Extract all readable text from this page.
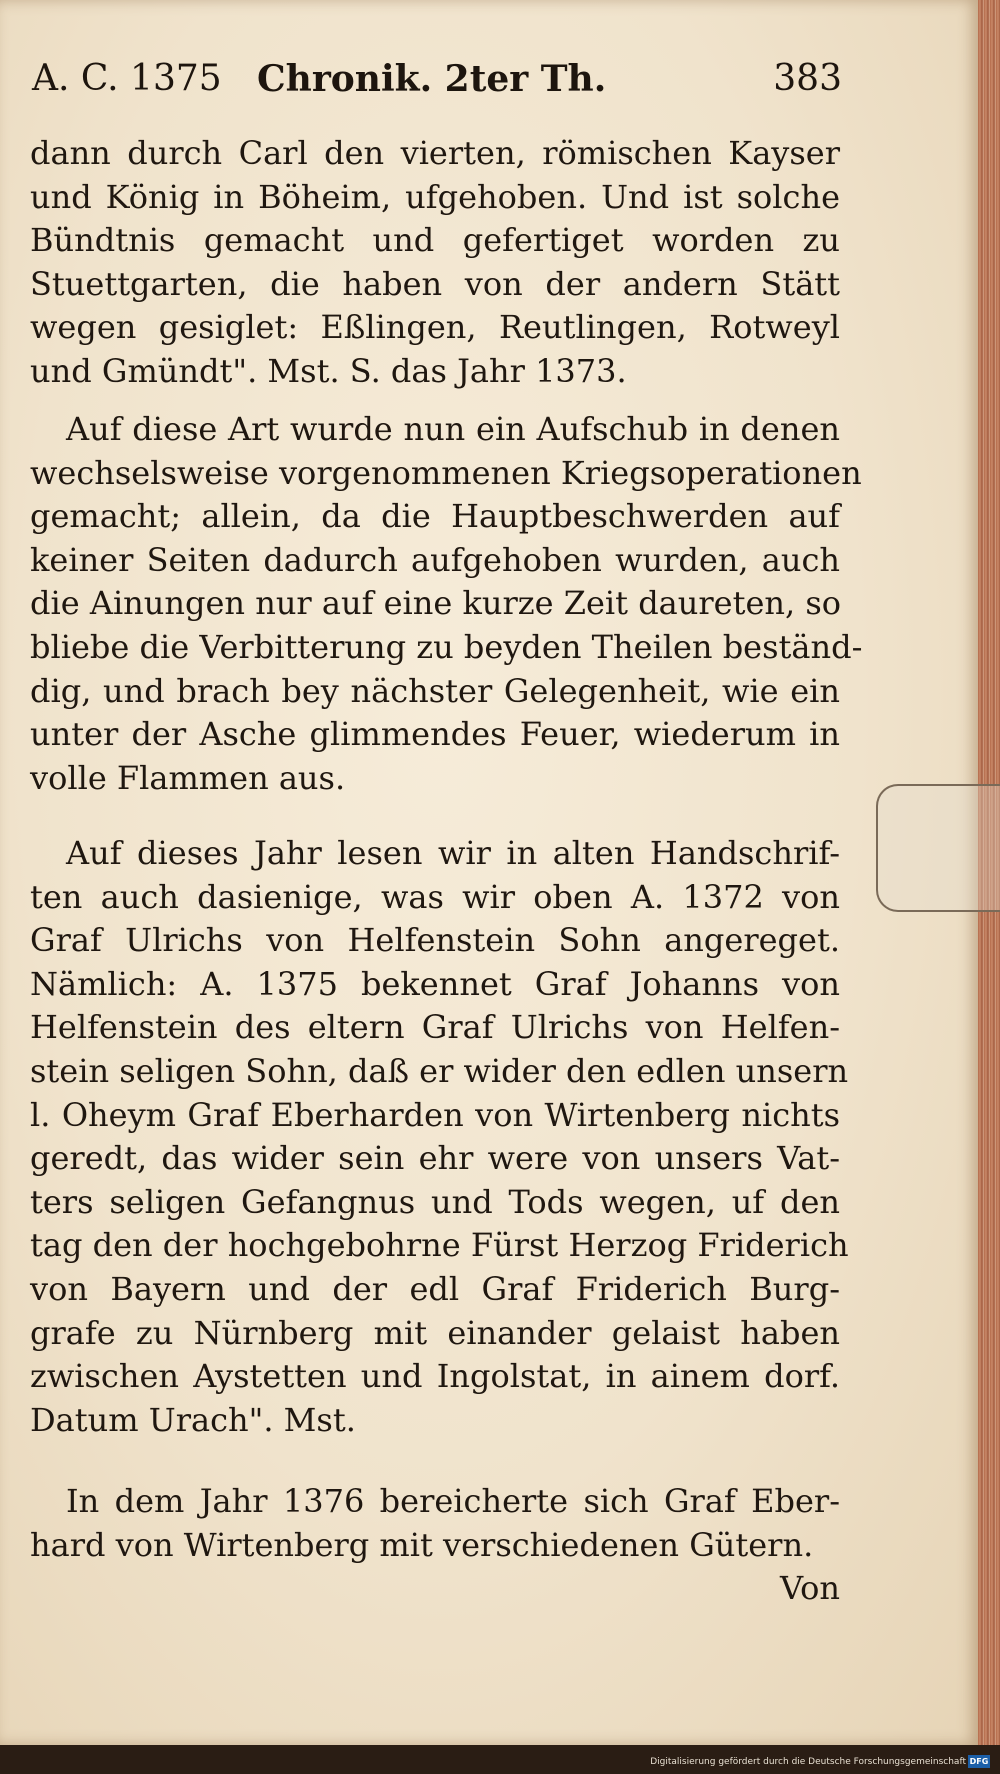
A. C. 1375 Chronik. 2ter Th.	383
dann durch Carl den vierten, römischen Kayser
und König in Böheim, ufgehoben. Und ist solche
Bündtnis gemacht und gefertiget worden zu
Stuettgarten, die haben von der andern Stätt
wegen gesiglet: Eßlingen, Reutlingen, Rotweyl
und Gmündt". Mst. S. das Jahr 1373.
Auf diese Art wurde nun ein Aufschub in denen
wechselsweise vorgenommenen Kriegsoperationen
gemacht; allein, da die Hauptbeschwerden auf
keiner Seiten dadurch aufgehoben wurden, auch
die Ainungen nur auf eine kurze Zeit daureten, so
bliebe die Verbitterung zu beyden Theilen beständ-
dig, und brach bey nächster Gelegenheit, wie ein
unter der Asche glimmendes Feuer, wiederum in
volle Flammen aus.
Auf dieses Jahr lesen wir in alten Handschrif-
ten auch dasienige, was wir oben A. 1372 von
Graf Ulrichs von Helfenstein Sohn angereget.
Nämlich: A. 1375 bekennet Graf Johanns von
Helfenstein des eltern Graf Ulrichs von Helfen-
stein seligen Sohn, daß er wider den edlen unsern
l. Oheym Graf Eberharden von Wirtenberg nichts
geredt, das wider sein ehr were von unsers Vat-
ters seligen Gefangnus und Tods wegen, uf den
tag den der hochgebohrne Fürst Herzog Friderich
von Bayern und der edl Graf Friderich Burg-
grafe zu Nürnberg mit einander gelaist haben
zwischen Aystetten und Ingolstat, in ainem dorf.
Datum Urach". Mst.
In dem Jahr 1376 bereicherte sich Graf Eber-
hard von Wirtenberg mit verschiedenen Gütern.
Von
Digitalisierung gefördert durch die Deutsche Forschungsgemeinschaft DFG
